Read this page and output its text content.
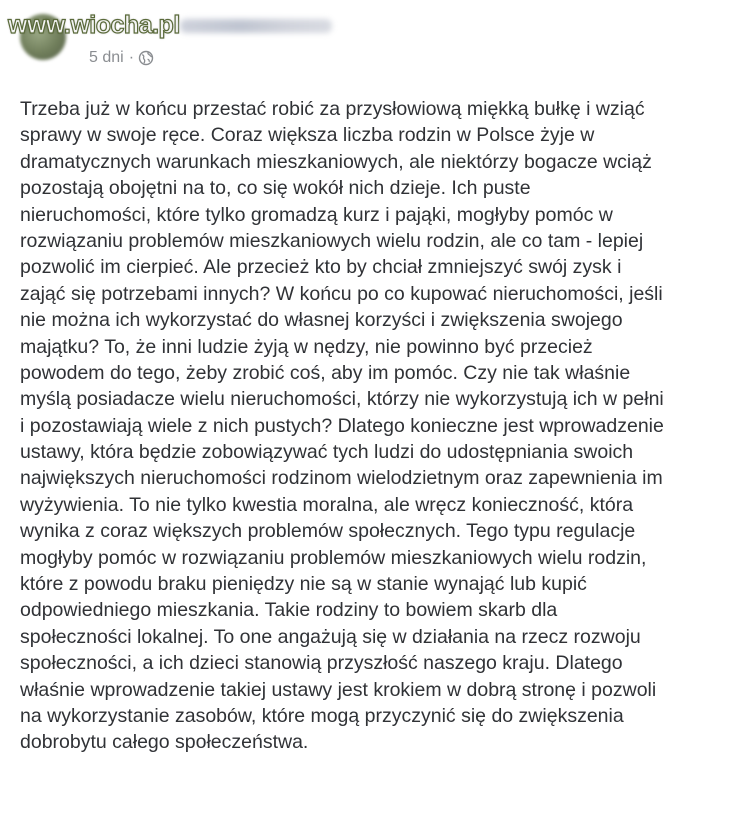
www.wiocha.pl
5 dni ·
Trzeba już w końcu przestać robić za przysłowiową miękką bułkę i wziąć
sprawy w swoje ręce. Coraz większa liczba rodzin w Polsce żyje w
dramatycznych warunkach mieszkaniowych, ale niektórzy bogacze wciąż
pozostają obojętni na to, co się wokół nich dzieje. Ich puste
nieruchomości, które tylko gromadzą kurz i pająki, mogłyby pomóc w
rozwiązaniu problemów mieszkaniowych wielu rodzin, ale co tam - lepiej
pozwolić im cierpieć. Ale przecież kto by chciał zmniejszyć swój zysk i
zająć się potrzebami innych? W końcu po co kupować nieruchomości, jeśli
nie można ich wykorzystać do własnej korzyści i zwiększenia swojego
majątku? To, że inni ludzie żyją w nędzy, nie powinno być przecież
powodem do tego, żeby zrobić coś, aby im pomóc. Czy nie tak właśnie
myślą posiadacze wielu nieruchomości, którzy nie wykorzystują ich w pełni
i pozostawiają wiele z nich pustych? Dlatego konieczne jest wprowadzenie
ustawy, która będzie zobowiązywać tych ludzi do udostępniania swoich
największych nieruchomości rodzinom wielodzietnym oraz zapewnienia im
wyżywienia. To nie tylko kwestia moralna, ale wręcz konieczność, która
wynika z coraz większych problemów społecznych. Tego typu regulacje
mogłyby pomóc w rozwiązaniu problemów mieszkaniowych wielu rodzin,
które z powodu braku pieniędzy nie są w stanie wynająć lub kupić
odpowiedniego mieszkania. Takie rodziny to bowiem skarb dla
społeczności lokalnej. To one angażują się w działania na rzecz rozwoju
społeczności, a ich dzieci stanowią przyszłość naszego kraju. Dlatego
właśnie wprowadzenie takiej ustawy jest krokiem w dobrą stronę i pozwoli
na wykorzystanie zasobów, które mogą przyczynić się do zwiększenia
dobrobytu całego społeczeństwa.
